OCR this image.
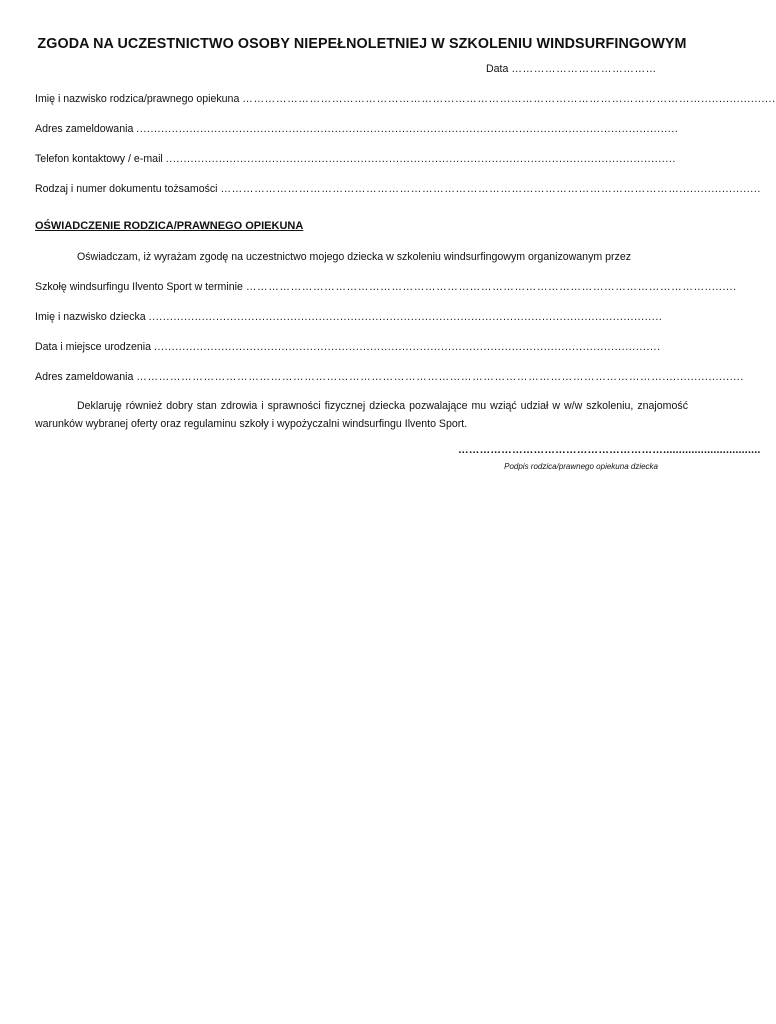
ZGODA NA UCZESTNICTWO OSOBY NIEPEŁNOLETNIEJ W SZKOLENIU WINDSURFINGOWYM

Data …………………………………

Imię i nazwisko rodzica/prawnego opiekuna …………………………………………………………………………………………………………….....................

Adres zameldowania .........................................................................................................................................................

Telefon kontaktowy / e-mail ................................................................................................................................................

Rodzaj i numer dokumentu tożsamości …………………………………………………………………………………………………………….......................

OŚWIADCZENIE RODZICA/PRAWNEGO OPIEKUNA

Oświadczam, iż wyrażam zgodę na uczestnictwo mojego dziecka w szkoleniu windsurfingowym organizowanym przez

Szkołę windsurfingu Ilvento Sport w terminie …………………………………………………………………………………………………………….........

Imię i nazwisko dziecka .................................................................................................................................................

Data i miejsce urodzenia ...............................................................................................................................................

Adres zameldowania …………………………………………………………………………………………………………………………….......................

Deklaruję również dobry stan zdrowia i sprawności fizycznej dziecka pozwalające mu wziąć udział w w/w szkoleniu, znajomość warunków wybranej oferty oraz regulaminu szkoły i wypożyczalni windsurfingu Ilvento Sport.

…………………………………………………...............................
Podpis rodzica/prawnego opiekuna dziecka
